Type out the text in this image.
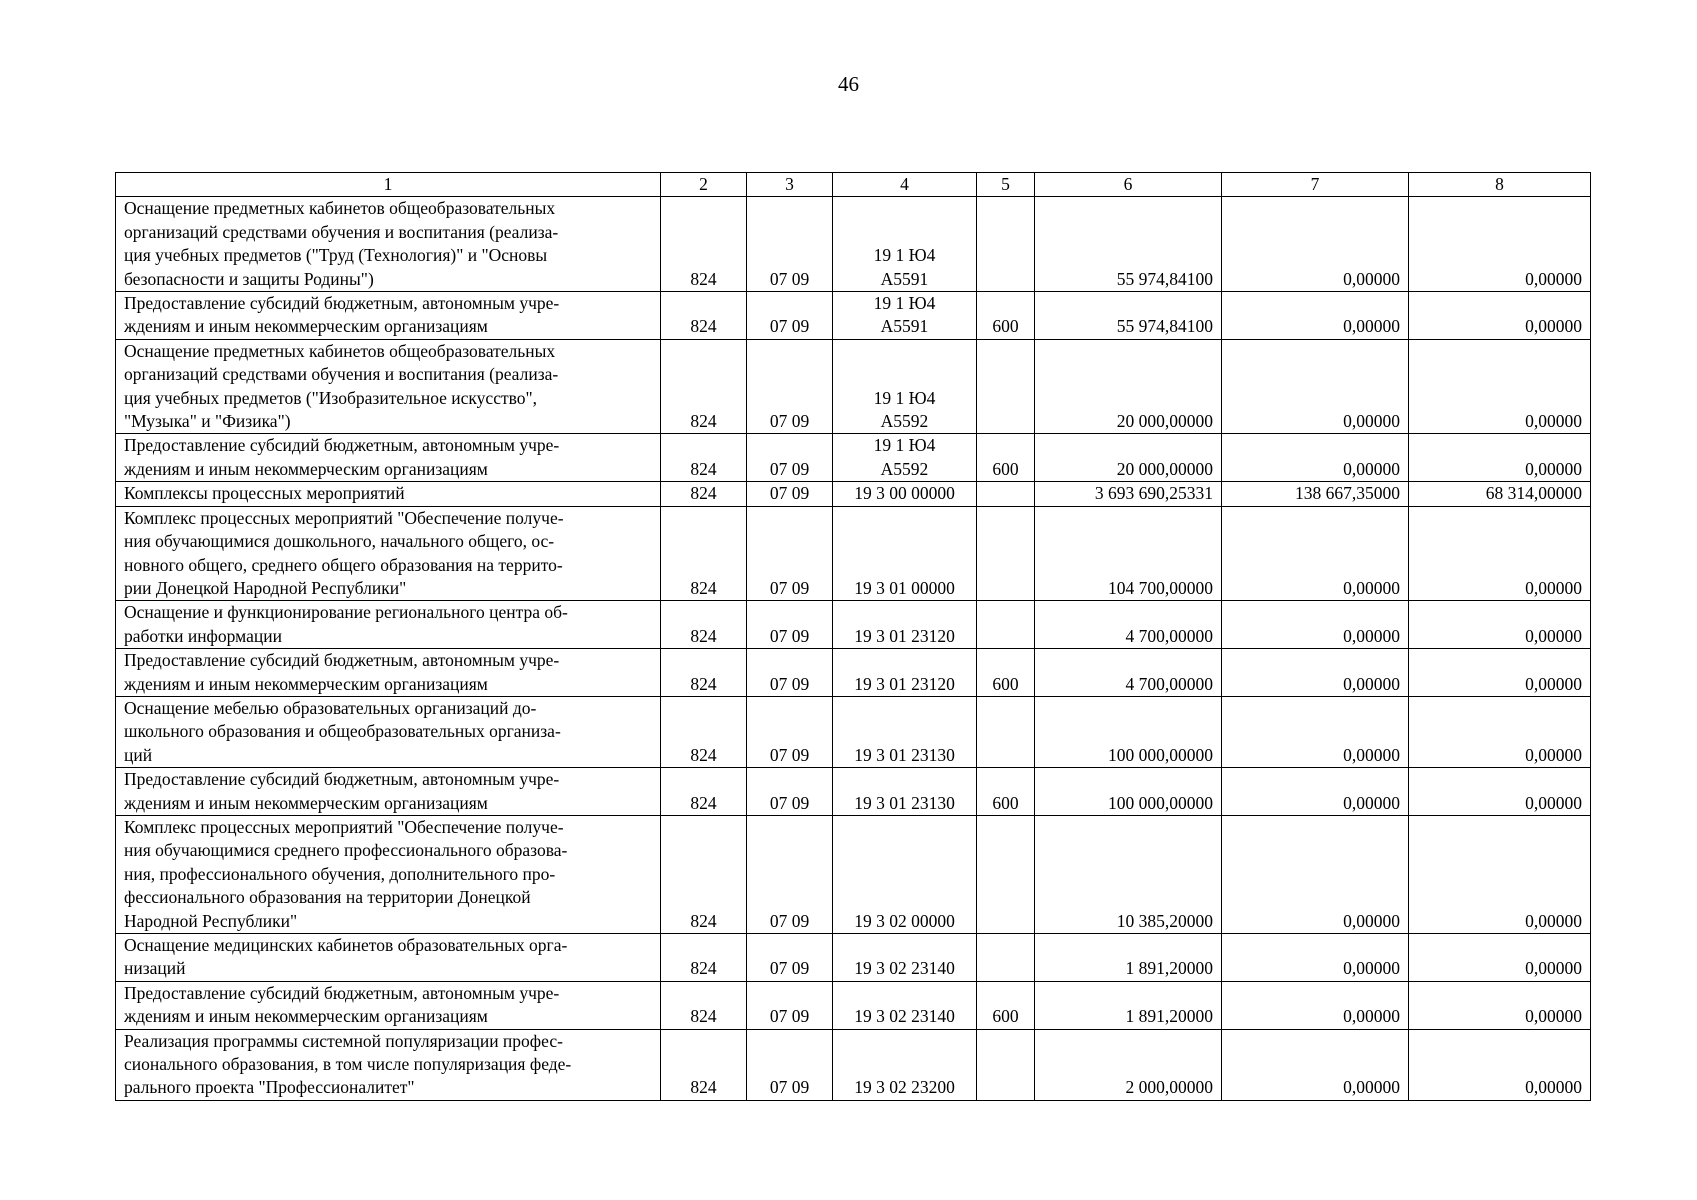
46
1	2	3	4	5	6	7	8

Оснащение предметных кабинетов общеобразовательных
организаций средствами обучения и воспитания (реализа-
ция учебных предметов ("Труд (Технология)" и "Основы
безопасности и защиты Родины")	824	07 09	19 1 Ю4
А5591		55 974,84100	0,00000	0,00000

Предоставление субсидий бюджетным, автономным учре-
ждениям и иным некоммерческим организациям	824	07 09	19 1 Ю4
А5591	600	55 974,84100	0,00000	0,00000

Оснащение предметных кабинетов общеобразовательных
организаций средствами обучения и воспитания (реализа-
ция учебных предметов ("Изобразительное искусство",
"Музыка" и "Физика")	824	07 09	19 1 Ю4
А5592		20 000,00000	0,00000	0,00000

Предоставление субсидий бюджетным, автономным учре-
ждениям и иным некоммерческим организациям	824	07 09	19 1 Ю4
А5592	600	20 000,00000	0,00000	0,00000

Комплексы процессных мероприятий	824	07 09	19 3 00 00000		3 693 690,25331	138 667,35000	68 314,00000

Комплекс процессных мероприятий "Обеспечение получе-
ния обучающимися дошкольного, начального общего, ос-
новного общего, среднего общего образования на террито-
рии Донецкой Народной Республики"	824	07 09	19 3 01 00000		104 700,00000	0,00000	0,00000

Оснащение и функционирование регионального центра об-
работки информации	824	07 09	19 3 01 23120		4 700,00000	0,00000	0,00000

Предоставление субсидий бюджетным, автономным учре-
ждениям и иным некоммерческим организациям	824	07 09	19 3 01 23120	600	4 700,00000	0,00000	0,00000

Оснащение мебелью образовательных организаций до-
школьного образования и общеобразовательных организа-
ций	824	07 09	19 3 01 23130		100 000,00000	0,00000	0,00000

Предоставление субсидий бюджетным, автономным учре-
ждениям и иным некоммерческим организациям	824	07 09	19 3 01 23130	600	100 000,00000	0,00000	0,00000

Комплекс процессных мероприятий "Обеспечение получе-
ния обучающимися среднего профессионального образова-
ния, профессионального обучения, дополнительного про-
фессионального образования на территории Донецкой
Народной Республики"	824	07 09	19 3 02 00000		10 385,20000	0,00000	0,00000

Оснащение медицинских кабинетов образовательных орга-
низаций	824	07 09	19 3 02 23140		1 891,20000	0,00000	0,00000

Предоставление субсидий бюджетным, автономным учре-
ждениям и иным некоммерческим организациям	824	07 09	19 3 02 23140	600	1 891,20000	0,00000	0,00000

Реализация программы системной популяризации профес-
сионального образования, в том числе популяризация феде-
рального проекта "Профессионалитет"	824	07 09	19 3 02 23200		2 000,00000	0,00000	0,00000
